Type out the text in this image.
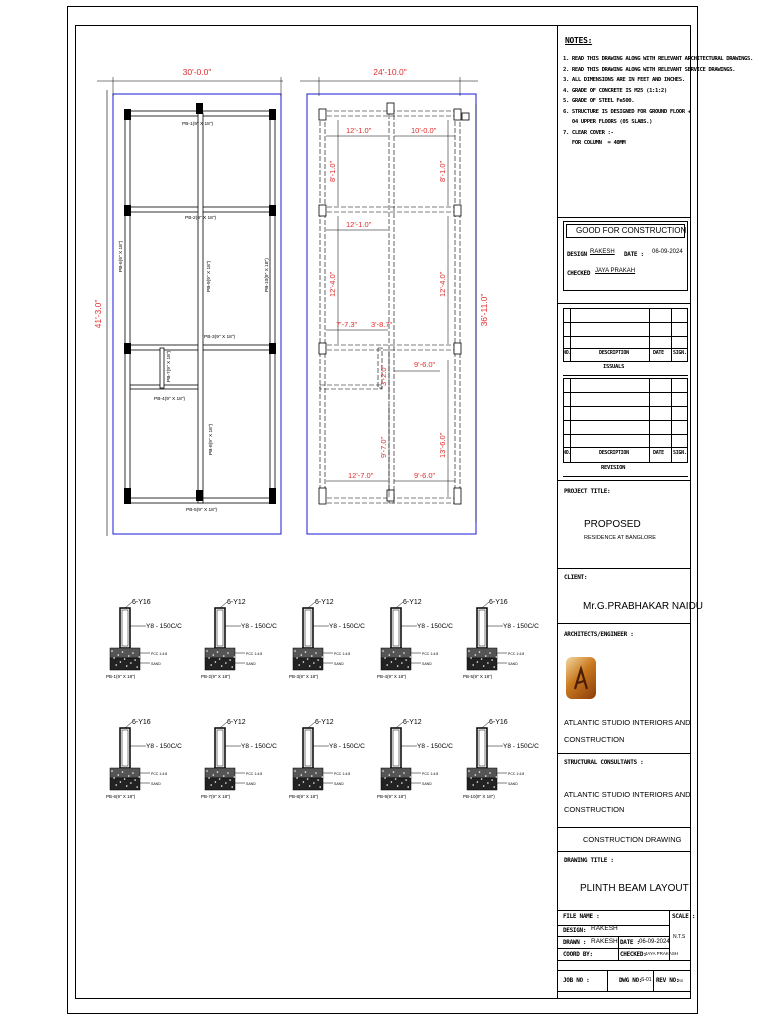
30'-0.0"
41'-3.0"
PB-1(9" X 18")
PB-2(9" X 18")
PB-3(9" X 18")
PB-4(9" X 18")
PB-5(9" X 18")
PB-6(9" X 18")
PB-7(9" X 18")
PB-8(9" X 18")
PB-9(9" X 18")	PB-10(9" X 18")
24'-10.0"
36'-11.0"
12'-1.0"	10'-0.0"
8'-1.0"	8'-1.0"
12'-1.0"
12'-4.0"	12'-4.0"
7'-7.3" 3'-8.7"
3'-2.0"
9'-6.0"
9'-7.0"	13'-6.0"
12'-7.0"	9'-6.0"
6-Y16
Y8 - 150C/C
PCC 1:4:8
SAND
PB-1(9" X 18")
6-Y12
Y8 - 150C/C
PCC 1:4:8
SAND
PB-2(9" X 18")
6-Y12
Y8 - 150C/C
PCC 1:4:8
SAND
PB-3(9" X 18")
6-Y12
Y8 - 150C/C
PCC 1:4:8
SAND
PB-4(9" X 18")
6-Y16
Y8 - 150C/C
PCC 1:4:8
SAND
PB-5(9" X 18")
6-Y16
Y8 - 150C/C
PCC 1:4:8
SAND
PB-6(9" X 18")
6-Y12
Y8 - 150C/C
PCC 1:4:8
SAND
PB-7(9" X 18")
6-Y12
Y8 - 150C/C
PCC 1:4:8
SAND
PB-8(9" X 18")
6-Y12
Y8 - 150C/C
PCC 1:4:8
SAND
PB-9(9" X 18")
6-Y16
Y8 - 150C/C
PCC 1:4:8
SAND
PB-10(9" X 18")
NOTES:
1. READ THIS DRAWING ALONG WITH RELEVANT ARCHITECTURAL DRAWINGS.
2. READ THIS DRAWING ALONG WITH RELEVANT SERVICE DRAWINGS.
3. ALL DIMENSIONS ARE IN FEET AND INCHES.
4. GRADE OF CONCRETE IS M25 (1:1:2)
5. GRADE OF STEEL Fe500.
6. STRUCTURE IS DESIGNED FOR GROUND FLOOR +
04 UPPER FLOORS (05 SLABS.)
7. CLEAR COVER :-
FOR COLUMN  = 40MM
GOOD FOR CONSTRUCTION
DESIGN RAKESH DATE : 06-09-2024
CHECKED JAYA PRAKAH
NO.	DESCRIPTION	DATE SIGN.
ISSUALS
NO.	DESCRIPTION	DATE SIGN.
REVISION
PROJECT TITLE:
PROPOSED
RESIDENCE AT BANGLORE
CLIENT:
Mr.G.PRABHAKAR NAIDU
ARCHITECTS/ENGINEER :
ATLANTIC STUDIO INTERIORS AND
CONSTRUCTION
STRUCTURAL CONSULTANTS :
ATLANTIC STUDIO INTERIORS AND
CONSTRUCTION
CONSTRUCTION DRAWING
DRAWING TITLE :
PLINTH BEAM LAYOUT
FILE NAME :	SCALE :
N.T.S
DESIGN: RAKESH
DRAWN : RAKESH DATE : 06-09-2024
COORD BY:	CHECKED:
JAYA PRAKASH
JOB NO :	DWG NO:
S-01 REV NO:
R0
